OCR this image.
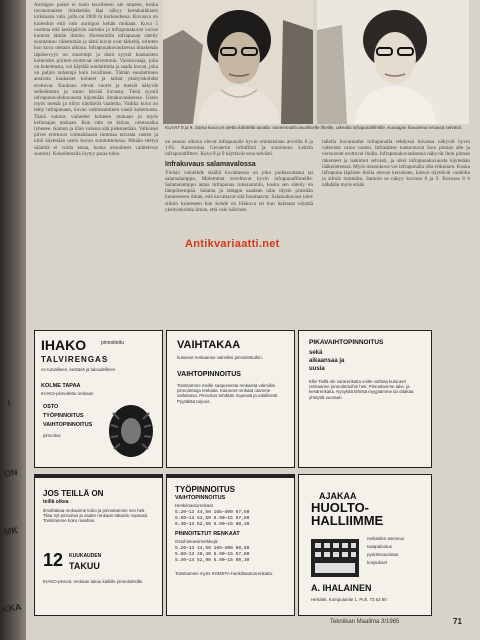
I
ON
MK
KKA
Auringon paiste ei tosin tavallisesti ole tarpeen, koska tavanomaisen ilmakehän läpi näkyy kertakaikkisen kirkkaana valo, jolla on 2000 m korkeudessa. Kuvaava on kuitenkin että valo auringon kehän mukaan. Kuva 5 osoittaa että keskipäivän aurinko ja infrapunakuvat voivat kumota tämän ilmiön. Horisontilla infrapunan säteily suuntautuu vähemmän ja tästä kuvat ovat tärkeitä, eritoten kun kuva otetaan ulkona. Infrapunakuvauksessa ilmakehän läpäisevyys on suurempi ja tästä syystä kaukaisten kohteiden piirteet erottuvat selvemmin. Valokuvaaja, jolla on kokemusta, voi käyttää suodattimia ja saada kuvan, joka on paljon tarkempi kuin tavallinen. Tämän suodattimen ansiosta kaukaiset kohteet ja tarkat yksityiskohdat erottuvat. Kaukana olevat vuoret ja metsät näkyvät selkeämmin ja sumu häviää kuvasta. Tästä syystä infrapunavalokuvausta käytetään ilmakuvauksessa. Usein myös metsät ja niityt näyttävät vaaleilta. Vaikka kuva on tehty infrapunaan, kuvan valmistaminen vaatii kokemusta. Tämä valotus vaihtelee kohteen mukaan ja myös kellonajan mukaan. Kun valo on kirkas, valotusaika lyhenee. Aamun ja illan valossa sitä pidennetään. Valkoiset pilvet erottuvat voimakkaasti tummaa taivasta vasten ja niitä käytetään usein kuvan sommittelussa. Mitään tiettyä sääntöä ei voida antaa, koska olosuhteet vaihtelevat suuresti. Kokeilemalla löytyy paras tulos.
KUVAT 8 ja 9. Sama kuva on otettu kahdella tavalla: vasemmalla tavalliselle filmille, oikealla infrapunafilmille. Kuvaajan havainnot eroavat selvästi.
on asunut ulkona olevat infrapunalle hyvin ominaistaan arvoilla 8 ja 1:85. Kameroina Gevaertin infrafilmi ja suotimena Leitzin infrapunafiltteri. Kuva 8 ja 9 näyttävät eroa selvästi.
Infrakuvaus salamavalossa
Yleisin valolähde sisällä kuvattaessa on joko puikkosalama tai salamalamppu. Molemmat soveltuvat hyvin infrapunafilmeille. Salamalamppu antaa infrapunaa runsaammin, koska sen säteily on lämpöisempää. Salama ja lamppu saadaan näin täysin pimeään huoneeseen ilman, että kuvattavat sitä huomaavat. Salamakuvaus tulee silloin kyseeseen kun kohde on liikkuva tai kun halutaan näyttää yksityiskohtia ilman, että valo häiritsee.
tallella kuvaruudut infrapunalla tehdyssä kuvassa näkyvät hyvin valkoista valoa vasten. Infrasäteet tunkeutuvat ihon pinnan alle ja verisuonet erottuvat iholla. Infrapunakuvauksessa näkyvät ihon pinnan rakenteet ja laskimot selvästi, ja siksi infrapunakuvausta käytetään lääketieteessä. Myös muotokuva voi infrapunalla olla erikoinen. Koska infrapuna läpäisee iholla olevan kerroksen, kasvot näyttävät vaaleilta ja silmät tummilta. Samoin se näkyy kuvissa 8 ja 9. Kuvassa 8 b nähdään myös erään
Antikvariaatti.net
IHAKO	pinnoitettu
TALVIRENGAS
on turvallinen, kestävä ja taloudellinen
KOLME TAPAA
IHAKO-pinnoitettu renkaan
OSTO
TYÖPINNOITUS
VAIHTOPINNOITUS
pinnoitus
VAIHTAKAA
kuluneet renkaanne valmiiksi pinnoitettuihin.
VAIHTOPINNOITUS
Toimitamme meille saapuneista renkaista valmiiksi pinnoitettuja renkaita. Kuluneet renkaat otamme vaihdossa. Pinnoitus tehdään nopeasti ja edullisesti. Pyytäkää tarjous.
PIKAVAIHTOPINNOITUS
sekä
aikaansaa ja
uusia
Ellei Teillä ole vararenkaita voitte vaihtaa kuluneet renkaanne pinnoitettuihin heti. Pinnoitamme talvi- ja kesärenkaita. Kysykää lähintä myyjäämme tai ottakaa yhteyttä suoraan.
JOS TEILLÄ ON
teillä oikea
Ilmoittakaa renkaanne koko ja pinnoitamme sen heti. Tilaa nyt pinnoitus ja saatte renkaan takaisin nopeasti. Toimitamme koko maahan.
12 KUUKAUDEN
TAKUU
IHAKO-pinnoit. renkaan takuu kaikille pinnoituksille.
TYÖPINNOITUS
VAIHTOPINNOITUS
Henkilöautorenkaat
5.20—13 44,50 165—400 67,50
5.60—13 53,50 5.90—15 57,80
6.40—13 62,50 5.90—15 60,30
PINNOITETUT RENKAAT
Ostohintoesimerkkejä:
5.20—13 44,50 165—400 60,80
5.60—13 49,40 5.90—15 57,80
5.40—14 52,90 5.90—15 60,30
Toimitamme myös KOMETA-henkilöautonrenkaita.
AJAKAA
HUOLTO-
HALLIIMME
renkaiden asennus
tasapainotus
pyöränsuuntaus
korjaukset
A. IHALAINEN
Helsinki, Kumpulantie 1, Puh. 73 53 60
Tekniikan Maailma 3/1965	71
